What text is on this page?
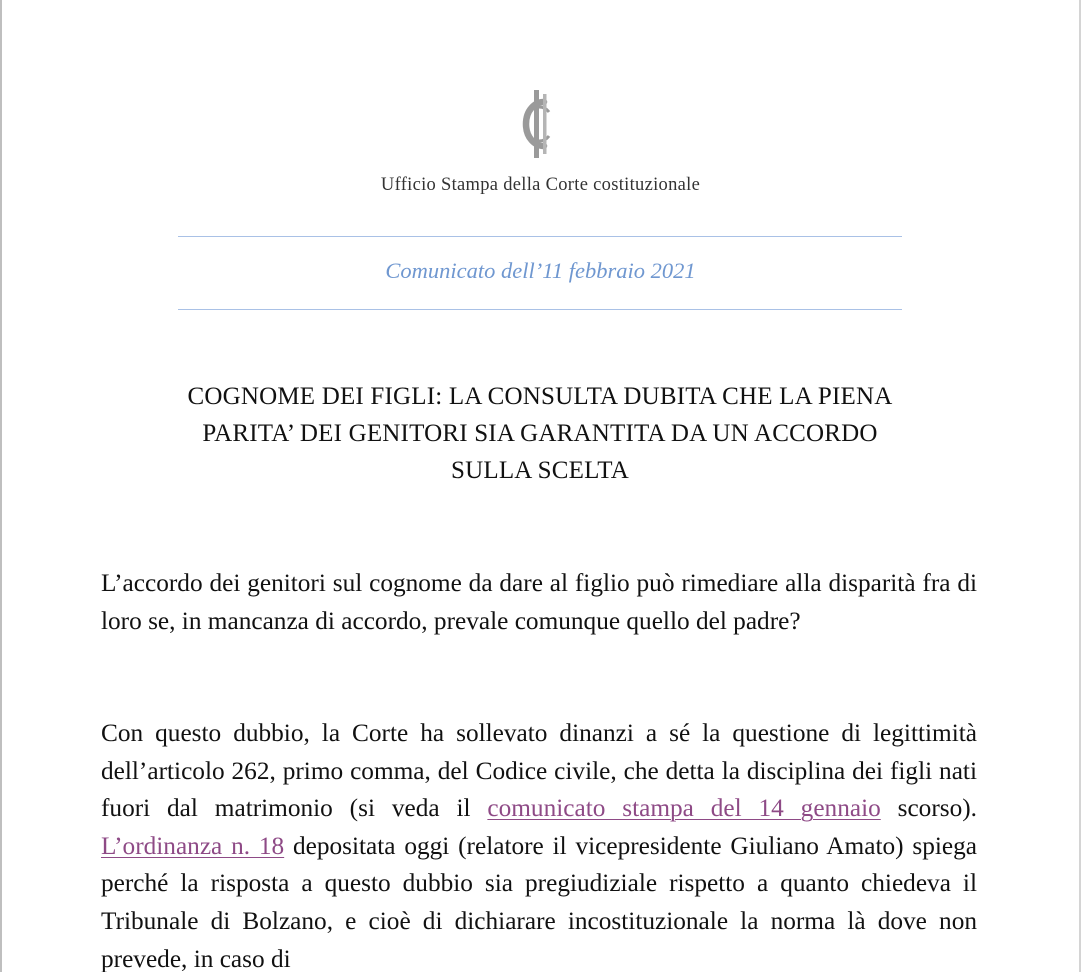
Ufficio Stampa della Corte costituzionale
Comunicato dell’11 febbraio 2021
COGNOME DEI FIGLI: LA CONSULTA DUBITA CHE LA PIENA
PARITA’ DEI GENITORI SIA GARANTITA DA UN ACCORDO
SULLA SCELTA

L’accordo dei genitori sul cognome da dare al figlio può rimediare alla disparità fra di loro se, in mancanza di accordo, prevale comunque quello del padre?

Con questo dubbio, la Corte ha sollevato dinanzi a sé la questione di legittimità dell’articolo 262, primo comma, del Codice civile, che detta la disciplina dei figli nati fuori dal matrimonio (si veda il comunicato stampa del 14 gennaio scorso). L’ordinanza n. 18 depositata oggi (relatore il vicepresidente Giuliano Amato) spiega perché la risposta a questo dubbio sia pregiudiziale rispetto a quanto chiedeva il Tribunale di Bolzano, e cioè di dichiarare incostituzionale la norma là dove non prevede, in caso di
